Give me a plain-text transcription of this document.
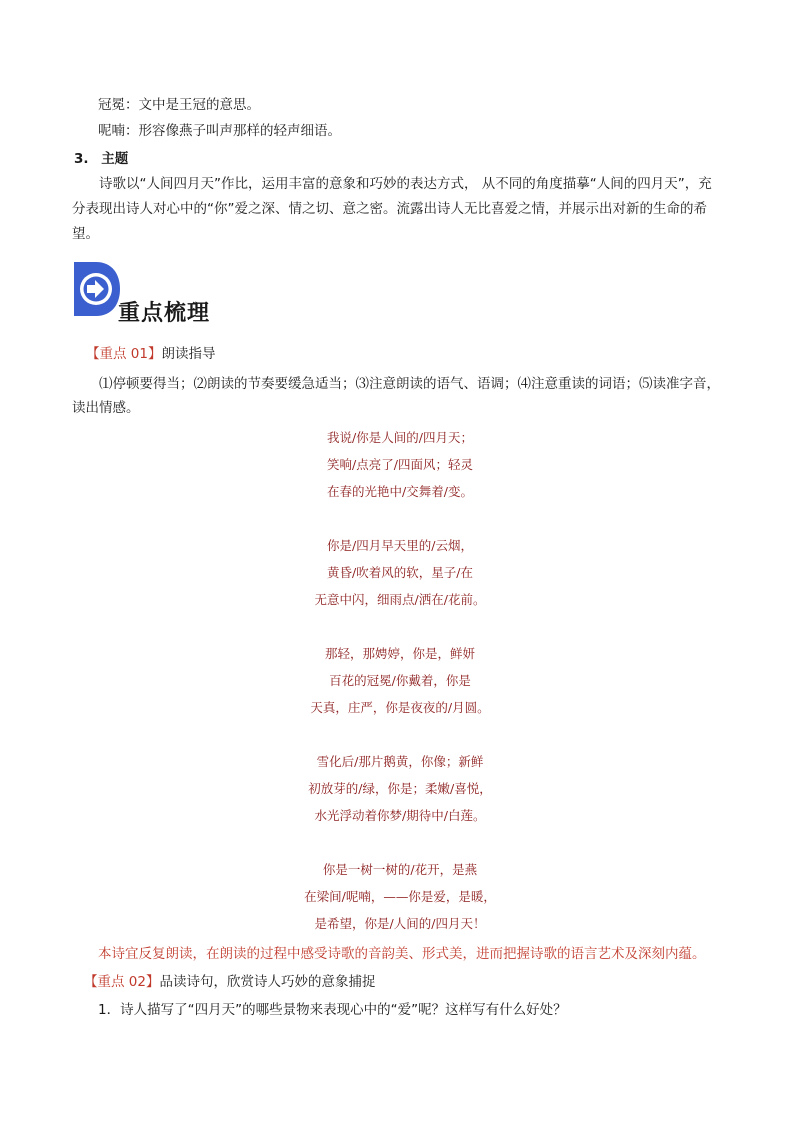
冠冕：文中是王冠的意思。
呢喃：形容像燕子叫声那样的轻声细语。
3. 主题
诗歌以“人间四月天”作比，运用丰富的意象和巧妙的表达方式， 从不同的角度描摹“人间的四月天”，充分表现出诗人对心中的“你”爱之深、情之切、意之密。流露出诗人无比喜爱之情，并展示出对新的生命的希望。
重点梳理
【重点 01】朗读指导
⑴停顿要得当；⑵朗读的节奏要缓急适当；⑶注意朗读的语气、语调；⑷注意重读的词语；⑸读准字音，读出情感。
我说/你是人间的/四月天；
笑响/点亮了/四面风；轻灵
在春的光艳中/交舞着/变。
你是/四月早天里的/云烟，
黄昏/吹着风的软，星子/在
无意中闪，细雨点/洒在/花前。
那轻，那娉婷，你是，鲜妍
百花的冠冕/你戴着，你是
天真，庄严，你是夜夜的/月圆。
雪化后/那片鹅黄，你像；新鲜
初放芽的/绿，你是；柔嫩/喜悦，
水光浮动着你梦/期待中/白莲。
你是一树一树的/花开，是燕
在梁间/呢喃，——你是爱，是暖，
是希望，你是/人间的/四月天！
本诗宜反复朗读，在朗读的过程中感受诗歌的音韵美、形式美，进而把握诗歌的语言艺术及深刻内蕴。
【重点 02】品读诗句，欣赏诗人巧妙的意象捕捉
1．诗人描写了“四月天”的哪些景物来表现心中的“爱”呢？这样写有什么好处？
